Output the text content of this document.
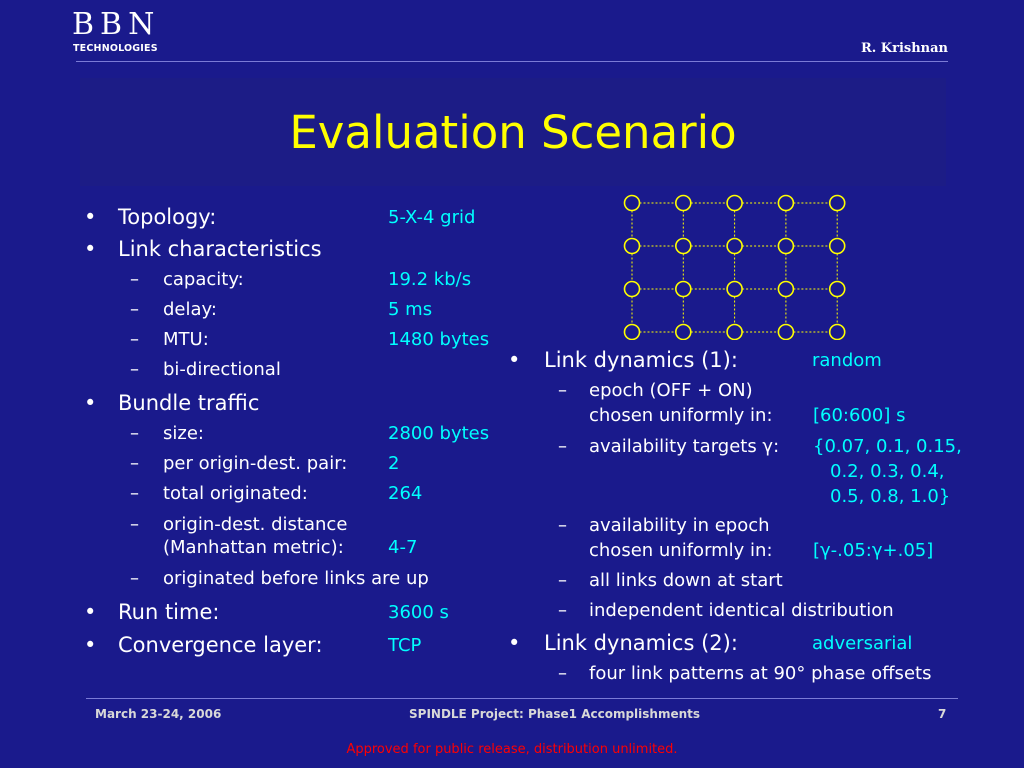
BBN
TECHNOLOGIES	R. Krishnan
Evaluation Scenario
• Topology:	5-X-4 grid
• Link characteristics
– capacity:	19.2 kb/s
– delay:	5 ms
– MTU:	1480 bytes
– bi-directional
• Bundle traffic
– size:	2800 bytes
– per origin-dest. pair: 2
– total originated:	264
– origin-dest. distance
(Manhattan metric): 4-7
– originated before links are up
• Run time:	3600 s
• Convergence layer:	TCP
• Link dynamics (1):	random
– epoch (OFF + ON)
chosen uniformly in: [60:600] s
– availability targets γ: {0.07, 0.1, 0.15,
0.2, 0.3, 0.4,
0.5, 0.8, 1.0}
– availability in epoch
chosen uniformly in: [γ-.05:γ+.05]
– all links down at start
– independent identical distribution
• Link dynamics (2):	adversarial
– four link patterns at 90° phase offsets
March 23-24, 2006	SPINDLE Project: Phase1 Accomplishments	7
Approved for public release, distribution unlimited.
